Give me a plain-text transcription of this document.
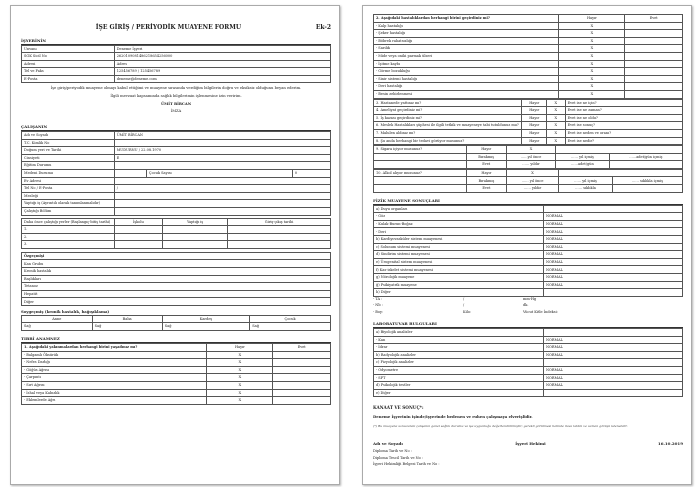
İŞE GİRİŞ / PERİYODİK MUAYENE FORMU	Ek-2
İŞYERİNİN
Unvanı	Deneme İşyeri
SGK Sicil No	2620109081486218654256000
Adresi	Adres
Tel ve Faks	125456789 / 125456789
E-Posta	deneme@deneme.com
İşe giriş/periyodik muayene olmayı kabul ettiğimi ve muayene sırasında verdiğim bilgilerin doğru ve eksiksiz olduğunu beyan ederim.
İlgili mevzuat kapsamında sağlık bilgilerimin işlenmesine izin veririm.
ÜMİT BİRCAN
İMZA
ÇALIŞANIN
Adı ve Soyadı	ÜMİT BİRCAN		
T.C. Kimlik No			
Doğum yeri ve Tarihi	MUDURNU / 22.08.1970		
Cinsiyeti	E		
Eğitim Durumu			
Medeni Durumu		Çocuk Sayısı	0
Ev Adresi			
Tel No / E-Posta	/		
Mesleği			
Yaptığı iş (Ayrıntılı olarak tanımlanmalıdır)			
Çalıştığı Bölüm			
Daha önce çalıştığı yerler (Başlangıç-bitiş tarihi)	İşkolu	Yaptığı iş	Giriş-çıkış tarihi
1.			
2.			
3.			
Özgeçmişi
Kan Grubu
Kronik hastalık
Başlıkları
Tetanoz
Hepatit
Diğer
Soygeçmiş (kronik hastalık, bağışıklama)
Anne	Baba	Kardeş	Çocuk
Sağ	Sağ	Sağ	Sağ
TIBBİ ANAMNEZ
1. Aşağıdaki yakınmalardan herhangi birini yaşadınız mı?	Hayır	Evet
- Balgamlı Öksürük	X	
- Nefes Darlığı	X	
- Göğüs Ağrısı	X	
- Çarpıntı	X	
- Sırt Ağrısı	X	
- İshal veya Kabızlık	X	
- Eklemlerde Ağrı	X	
2. Aşağıdaki hastalıklardan herhangi birini geçirdiniz mi?	Hayır	Evet
- Kalp hastalığı	X	
- Şeker hastalığı	X	
- Böbrek rahatsızlığı	X	
- Sarılık	X	
- Mide veya oniki parmak ülseri	X	
- İşitme kaybı	X	
- Görme bozukluğu	X	
- Sinir sistemi hastalığı	X	
- Deri hastalığı	X	
- Besin zehirlenmesi	X	
3. Hastanede yattınız mı?	Hayır	X	Evet ise ne için?
4. Ameliyat geçirdiniz mi?	Hayır	X	Evet ise ne zaman?
5. İş kazası geçirdiniz mi?	Hayır	X	Evet ise ne oldu?
6. Meslek Hastalıkları şüphesi ile ilgili tetkik ve muayeneye tabi tutuldunuz mu?	Hayır	X	Evet ise sonuç?
7. Malulen aldınız mı?	Hayır	X	Evet ise neden ve oranı?
8. Şu anda herhangi bir tedavi görüyor musunuz?	Hayır	X	Evet ise nedir?
9. Sigara içiyor musunuz?	Hayır	X		
	Bırakmış	……yıl önce	…… yıl içmiş	……adet/gün içmiş
	Evet	…… yıldır	……adet/gün	
10. Alkol alıyor musunuz?	Hayır	X		
	Bırakmış	…… yıl önce	…… yıl içmiş	…… sıklıkla içmiş
	Evet	…… yıldır	…… sıklıkla	
FİZİK MUAYENE SONUÇLARI
a) Duyu organları	
- Göz	NORMAL
- Kulak-Burun-Boğaz	NORMAL
- Deri	NORMAL
b) Kardiyovasküler sistem muayenesi	NORMAL
c) Solunum sistemi muayenesi	NORMAL
d) Sindirim sistemi muayenesi	NORMAL
e) Ürogenital sistem muayenesi	NORMAL
f) Kas-iskelet sistemi muayenesi	NORMAL
g) Nörolojik muayene	NORMAL
ğ) Psikiyatrik muayene	NORMAL
h) Diğer	
- TA :	/	mm-Hg
- Nb :	/	dk.
- Boy:	Kilo:	Vücut Kitle İndeksi:
LABORATUVAR BULGULARI
a) Biyolojik analizler	
- Kan	NORMAL
- İdrar	NORMAL
b) Radyolojik analizler	NORMAL
c) Fizyolojik analizler	
- Odyometre	NORMAL
- SFT	NORMAL
d) Psikolojik testler	NORMAL
e) Diğer	
KANAAT VE SONUÇ*:
Deneme İşyerinin işinde/işyerinde bedenen ve ruhen çalışmaya elverişlidir.
(*) Bu muayene sonucunda çalışanın genel sağlık durumu ve işe uygunluğu değerlendirilmiştir; gerekli görülmesi halinde ilave tetkik ve uzman görüşü istenebilir.
Adı ve Soyadı	İşyeri Hekimi	16.10.2019
Diploma Tarih ve No :
Diploma Tescil Tarih ve No :
İşyeri Hekimliği Belgesi Tarih ve No :
